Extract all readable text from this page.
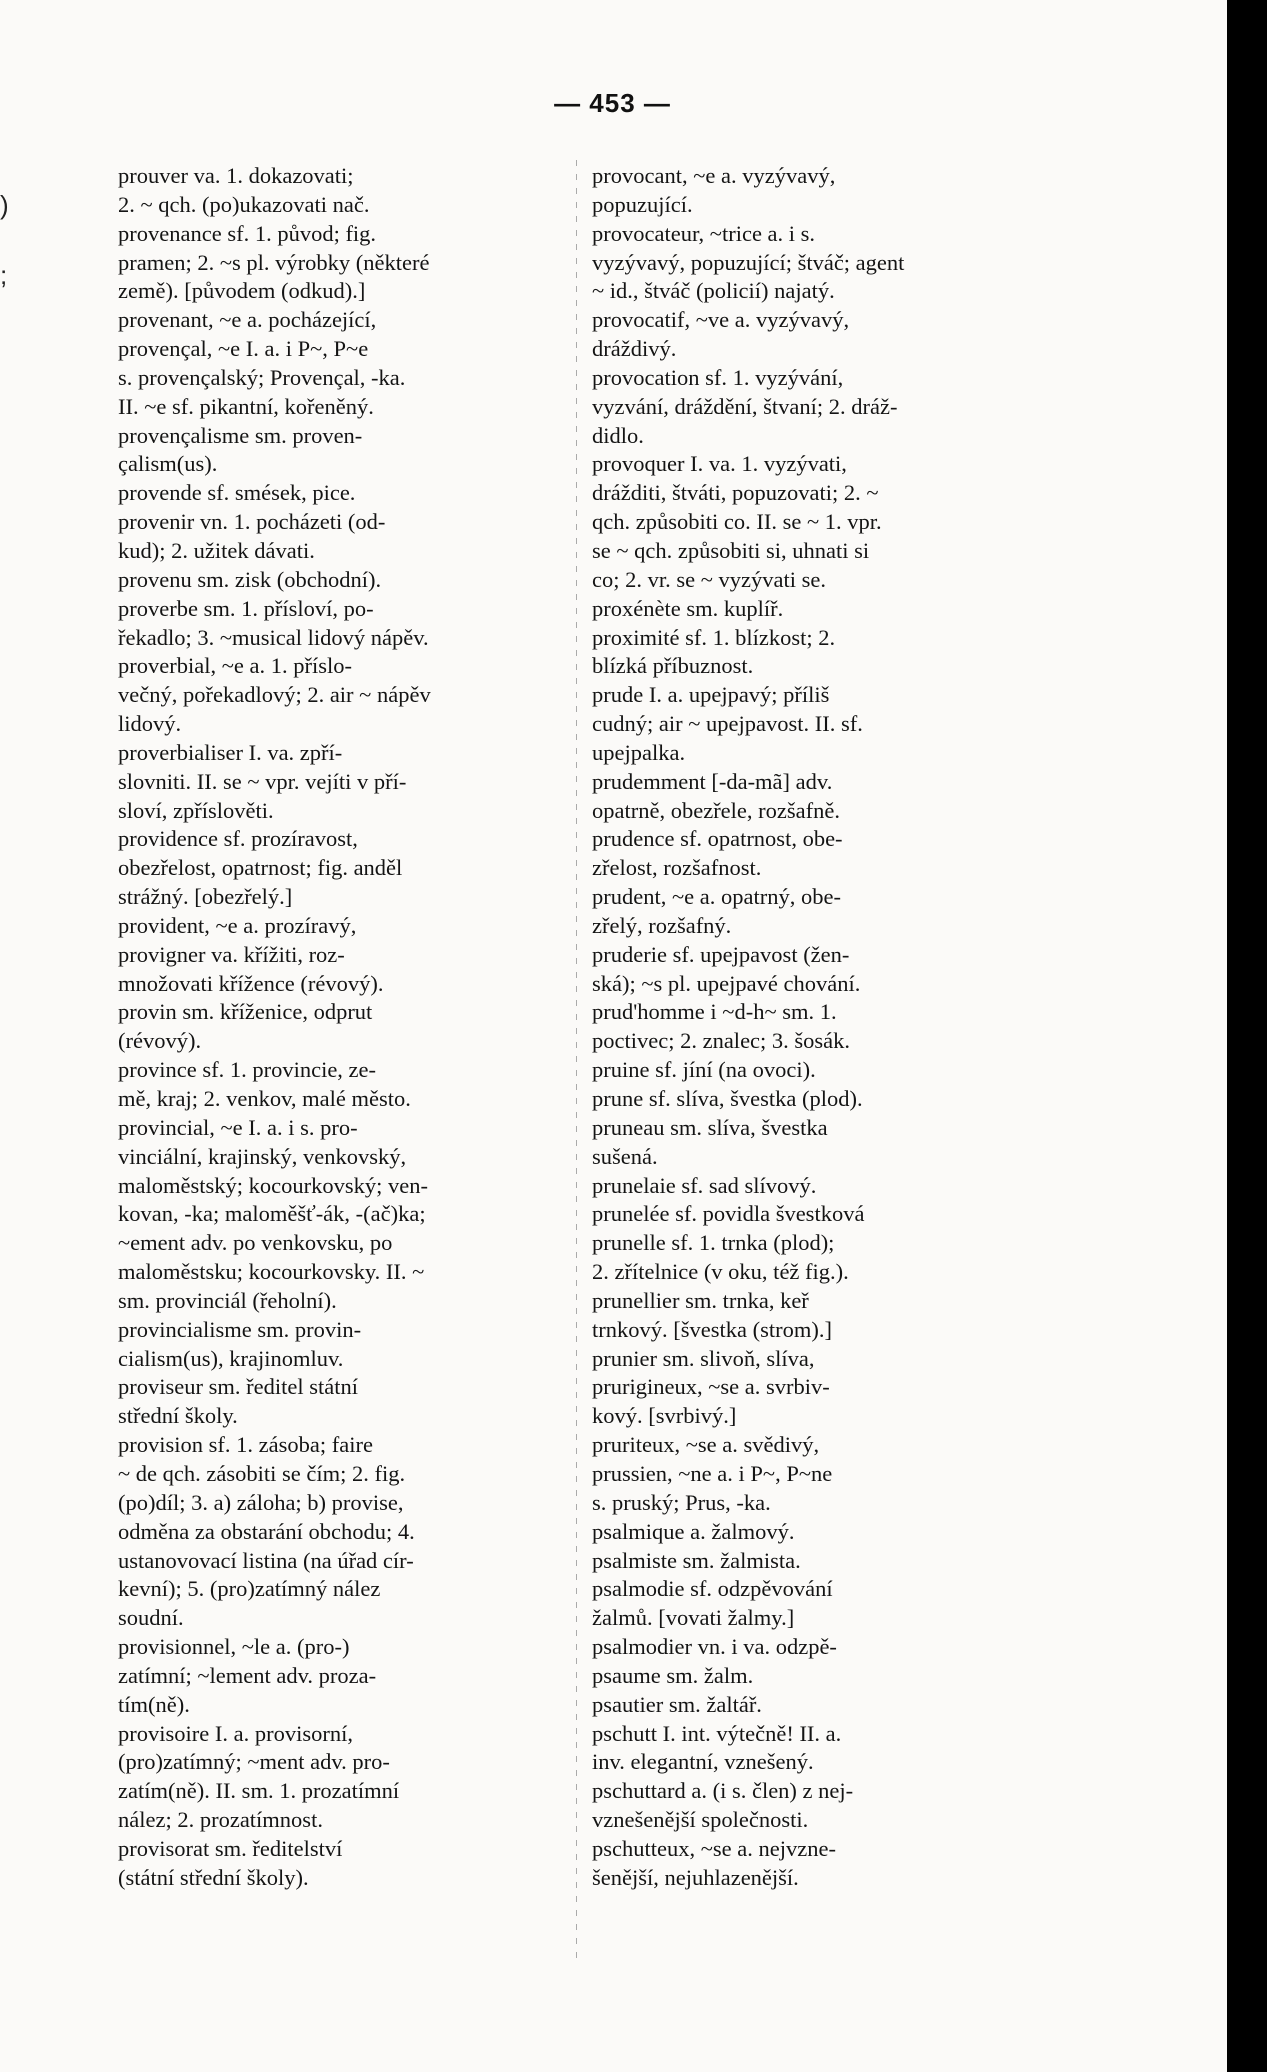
)
;
— 453 —
prouver va. 1. dokazovati;
2. ~ qch. (po)ukazovati nač.
provenance sf. 1. původ; fig.
pramen; 2. ~s pl. výrobky (některé
země). [původem (odkud).]
provenant, ~e a. pocházející,
provençal, ~e I. a. i P~, P~e
s. provençalský; Provençal, -ka.
II. ~e sf. pikantní, kořeněný.
provençalisme sm. proven-
çalism(us).
provende sf. smések, pice.
provenir vn. 1. pocházeti (od-
kud); 2. užitek dávati.
provenu sm. zisk (obchodní).
proverbe sm. 1. přísloví, po-
řekadlo; 3. ~musical lidový nápěv.
proverbial, ~e a. 1. příslo-
večný, pořekadlový; 2. air ~ nápěv
lidový.
proverbialiser I. va. zpří-
slovniti. II. se ~ vpr. vejíti v pří-
sloví, zpříslověti.
providence sf. prozíravost,
obezřelost, opatrnost; fig. anděl
strážný. [obezřelý.]
provident, ~e a. prozíravý,
provigner va. křížiti, roz-
množovati křížence (révový).
provin sm. kříženice, odprut
(révový).
province sf. 1. provincie, ze-
mě, kraj; 2. venkov, malé město.
provincial, ~e I. a. i s. pro-
vinciální, krajinský, venkovský,
maloměstský; kocourkovský; ven-
kovan, -ka; maloměšť-ák, -(ač)ka;
~ement adv. po venkovsku, po
maloměstsku; kocourkovsky. II. ~
sm. provinciál (řeholní).
provincialisme sm. provin-
cialism(us), krajinomluv.
proviseur sm. ředitel státní
střední školy.
provision sf. 1. zásoba; faire
~ de qch. zásobiti se čím; 2. fig.
(po)díl; 3. a) záloha; b) provise,
odměna za obstarání obchodu; 4.
ustanovovací listina (na úřad cír-
kevní); 5. (pro)zatímný nález
soudní.
provisionnel, ~le a. (pro-)
zatímní; ~lement adv. proza-
tím(ně).
provisoire I. a. provisorní,
(pro)zatímný; ~ment adv. pro-
zatím(ně). II. sm. 1. prozatímní
nález; 2. prozatímnost.
provisorat sm. ředitelství
(státní střední školy).
provocant, ~e a. vyzývavý,
popuzující.
provocateur, ~trice a. i s.
vyzývavý, popuzující; štváč; agent
~ id., štváč (policií) najatý.
provocatif, ~ve a. vyzývavý,
dráždivý.
provocation sf. 1. vyzývání,
vyzvání, dráždění, štvaní; 2. dráž-
didlo.
provoquer I. va. 1. vyzývati,
drážditi, štváti, popuzovati; 2. ~
qch. způsobiti co. II. se ~ 1. vpr.
se ~ qch. způsobiti si, uhnati si
co; 2. vr. se ~ vyzývati se.
proxénète sm. kuplíř.
proximité sf. 1. blízkost; 2.
blízká příbuznost.
prude I. a. upejpavý; příliš
cudný; air ~ upejpavost. II. sf.
upejpalka.
prudemment [-da-mã] adv.
opatrně, obezřele, rozšafně.
prudence sf. opatrnost, obe-
zřelost, rozšafnost.
prudent, ~e a. opatrný, obe-
zřelý, rozšafný.
pruderie sf. upejpavost (žen-
ská); ~s pl. upejpavé chování.
prud'homme i ~d-h~ sm. 1.
poctivec; 2. znalec; 3. šosák.
pruine sf. jíní (na ovoci).
prune sf. slíva, švestka (plod).
pruneau sm. slíva, švestka
sušená.
prunelaie sf. sad slívový.
prunelée sf. povidla švestková
prunelle sf. 1. trnka (plod);
2. zřítelnice (v oku, též fig.).
prunellier sm. trnka, keř
trnkový. [švestka (strom).]
prunier sm. slivoň, slíva,
prurigineux, ~se a. svrbiv-
kový. [svrbivý.]
pruriteux, ~se a. svědivý,
prussien, ~ne a. i P~, P~ne
s. pruský; Prus, -ka.
psalmique a. žalmový.
psalmiste sm. žalmista.
psalmodie sf. odzpěvování
žalmů. [vovati žalmy.]
psalmodier vn. i va. odzpě-
psaume sm. žalm.
psautier sm. žaltář.
pschutt I. int. výtečně! II. a.
inv. elegantní, vznešený.
pschuttard a. (i s. člen) z nej-
vznešenější společnosti.
pschutteux, ~se a. nejvzne-
šenější, nejuhlazenější.
